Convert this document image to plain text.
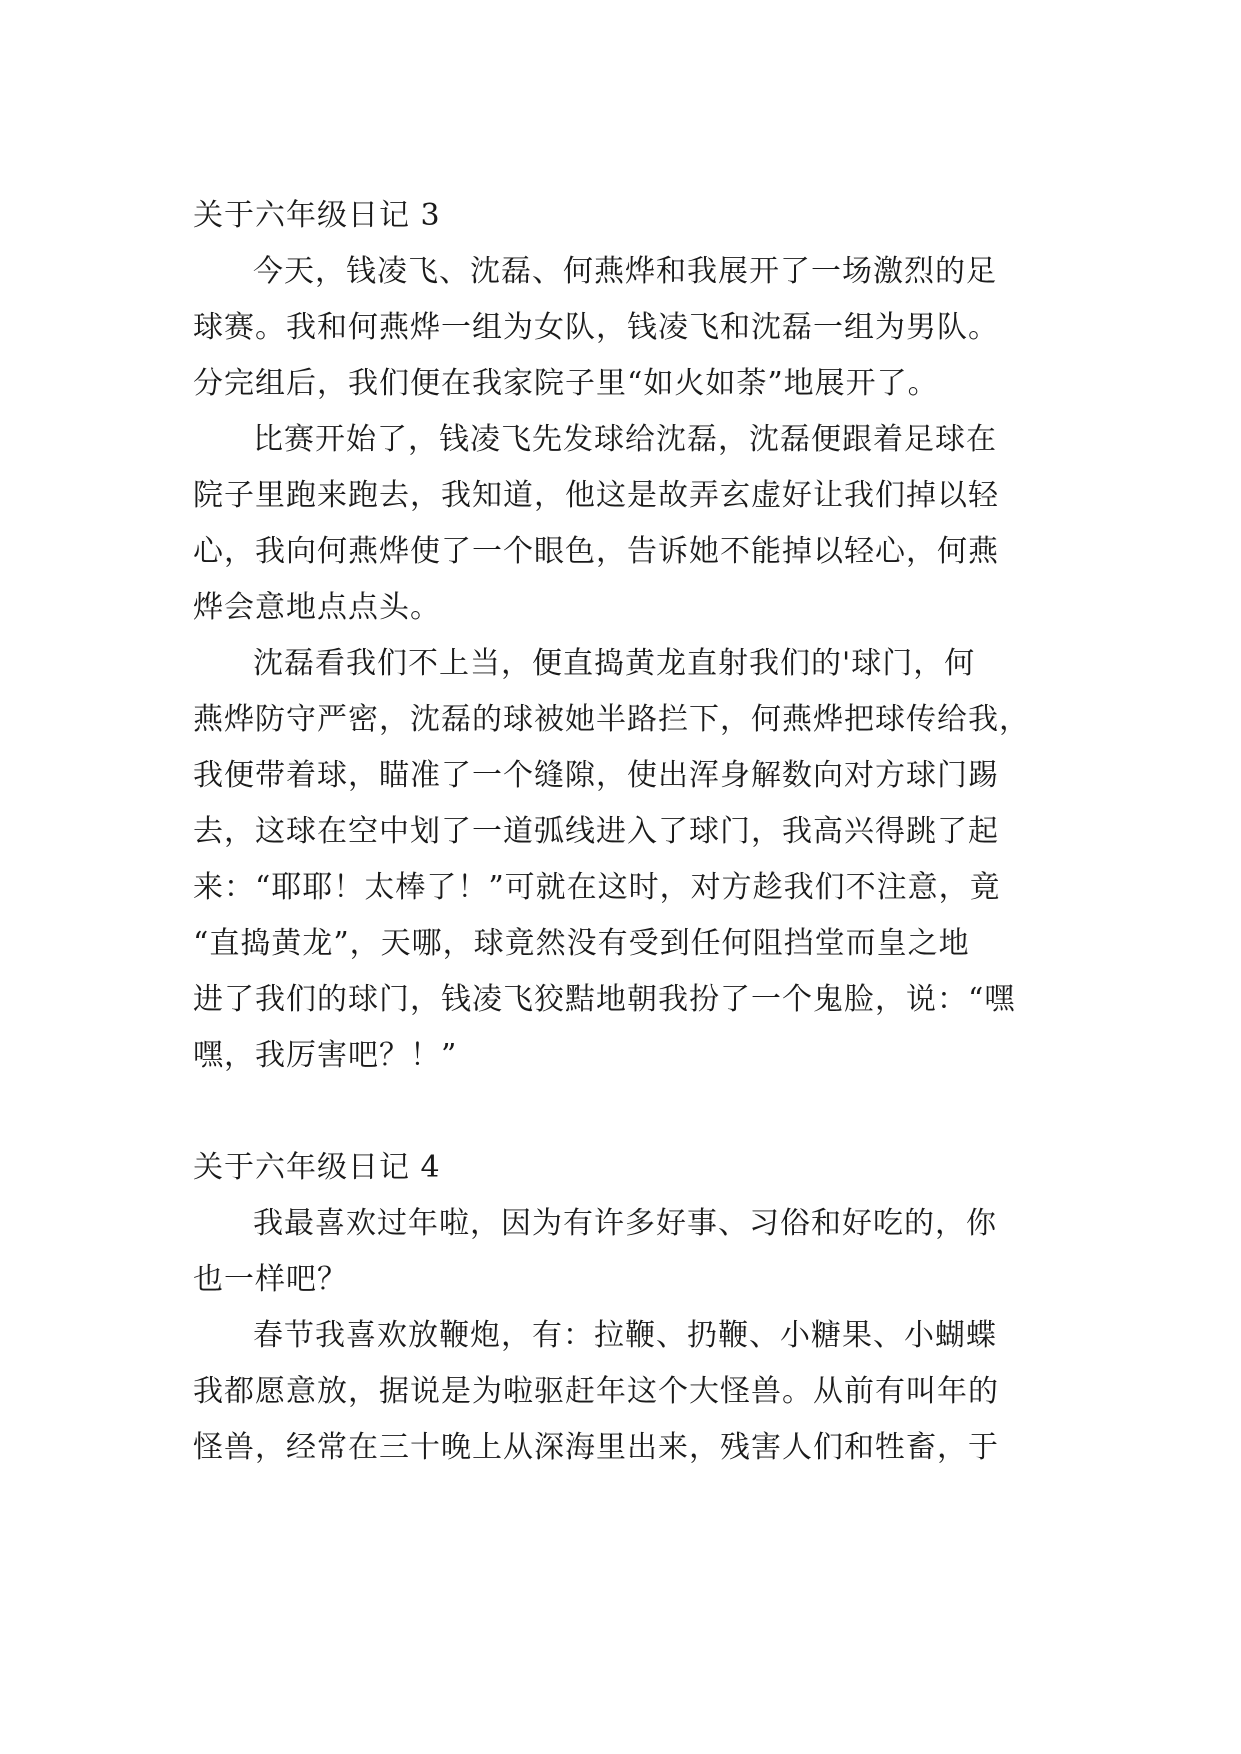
关于六年级日记 3
今天，钱凌飞、沈磊、何燕烨和我展开了一场激烈的足
球赛。我和何燕烨一组为女队，钱凌飞和沈磊一组为男队。
分完组后，我们便在我家院子里“如火如荼”地展开了。
比赛开始了，钱凌飞先发球给沈磊，沈磊便跟着足球在
院子里跑来跑去，我知道，他这是故弄玄虚好让我们掉以轻
心，我向何燕烨使了一个眼色，告诉她不能掉以轻心，何燕
烨会意地点点头。
沈磊看我们不上当，便直捣黄龙直射我们的'球门，何
燕烨防守严密，沈磊的球被她半路拦下，何燕烨把球传给我，
我便带着球，瞄准了一个缝隙，使出浑身解数向对方球门踢
去，这球在空中划了一道弧线进入了球门，我高兴得跳了起
来：“耶耶！太棒了！”可就在这时，对方趁我们不注意，竟
“直捣黄龙”，天哪，球竟然没有受到任何阻挡堂而皇之地
进了我们的球门，钱凌飞狡黠地朝我扮了一个鬼脸，说：“嘿
嘿，我厉害吧？！”
关于六年级日记 4
我最喜欢过年啦，因为有许多好事、习俗和好吃的，你
也一样吧？
春节我喜欢放鞭炮，有：拉鞭、扔鞭、小糖果、小蝴蝶
我都愿意放，据说是为啦驱赶年这个大怪兽。从前有叫年的
怪兽，经常在三十晚上从深海里出来，残害人们和牲畜，于
